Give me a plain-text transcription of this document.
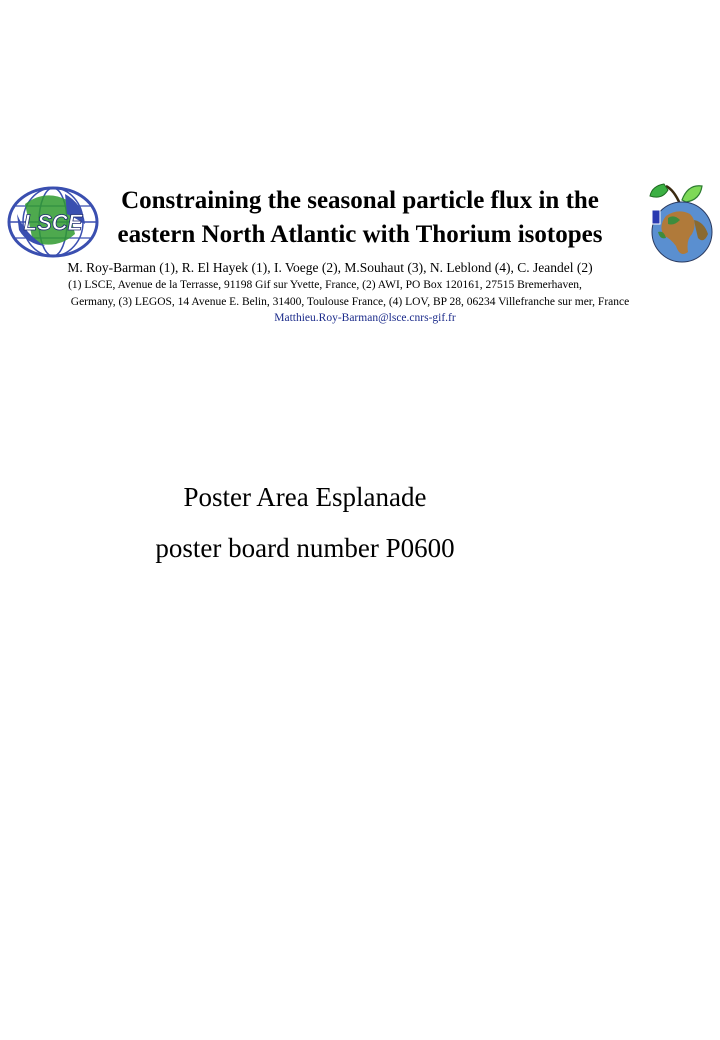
LSCE
Constraining the seasonal particle flux in the
eastern North Atlantic with Thorium isotopes
M. Roy-Barman (1), R. El Hayek (1), I. Voege (2), M.Souhaut (3), N. Leblond (4), C. Jeandel (2)
(1) LSCE, Avenue de la Terrasse, 91198 Gif sur Yvette, France, (2) AWI, PO Box 120161, 27515 Bremerhaven,
Germany, (3) LEGOS, 14 Avenue E. Belin, 31400, Toulouse France, (4) LOV, BP 28, 06234 Villefranche sur mer, France
Matthieu.Roy-Barman@lsce.cnrs-gif.fr
Poster Area Esplanade
poster board number P0600
